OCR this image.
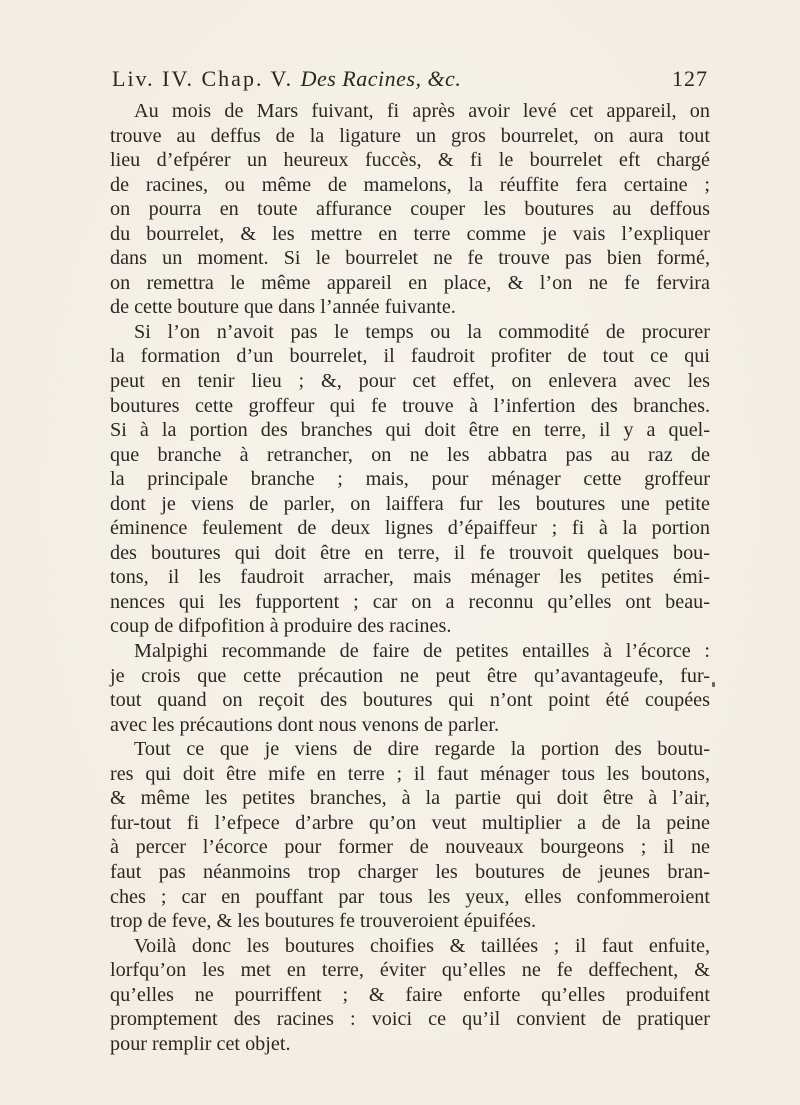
Liv. IV. Chap. V. Des Racines, &c.	127
Au mois de Mars fuivant, fi après avoir levé cet appareil, on
trouve au deffus de la ligature un gros bourrelet, on aura tout
lieu d’efpérer un heureux fuccès, & fi le bourrelet eft chargé
de racines, ou même de mamelons, la réuffite fera certaine ;
on pourra en toute affurance couper les boutures au deffous
du bourrelet, & les mettre en terre comme je vais l’expliquer
dans un moment. Si le bourrelet ne fe trouve pas bien formé,
on remettra le même appareil en place, & l’on ne fe fervira
de cette bouture que dans l’année fuivante.
Si l’on n’avoit pas le temps ou la commodité de procurer
la formation d’un bourrelet, il faudroit profiter de tout ce qui
peut en tenir lieu ; &, pour cet effet, on enlevera avec les
boutures cette groffeur qui fe trouve à l’infertion des branches.
Si à la portion des branches qui doit être en terre, il y a quel-
que branche à retrancher, on ne les abbatra pas au raz de
la principale branche ; mais, pour ménager cette groffeur
dont je viens de parler, on laiffera fur les boutures une petite
éminence feulement de deux lignes d’épaiffeur ; fi à la portion
des boutures qui doit être en terre, il fe trouvoit quelques bou-
tons, il les faudroit arracher, mais ménager les petites émi-
nences qui les fupportent ; car on a reconnu qu’elles ont beau-
coup de difpofition à produire des racines.
Malpighi recommande de faire de petites entailles à l’écorce :
je crois que cette précaution ne peut être qu’avantageufe, fur-
tout quand on reçoit des boutures qui n’ont point été coupées
avec les précautions dont nous venons de parler.
Tout ce que je viens de dire regarde la portion des boutu-
res qui doit être mife en terre ; il faut ménager tous les boutons,
& même les petites branches, à la partie qui doit être à l’air,
fur-tout fi l’efpece d’arbre qu’on veut multiplier a de la peine
à percer l’écorce pour former de nouveaux bourgeons ; il ne
faut pas néanmoins trop charger les boutures de jeunes bran-
ches ; car en pouffant par tous les yeux, elles confommeroient
trop de feve, & les boutures fe trouveroient épuifées.
Voilà donc les boutures choifies & taillées ; il faut enfuite,
lorfqu’on les met en terre, éviter qu’elles ne fe deffechent, &
qu’elles ne pourriffent ; & faire enforte qu’elles produifent
promptement des racines : voici ce qu’il convient de pratiquer
pour remplir cet objet.
